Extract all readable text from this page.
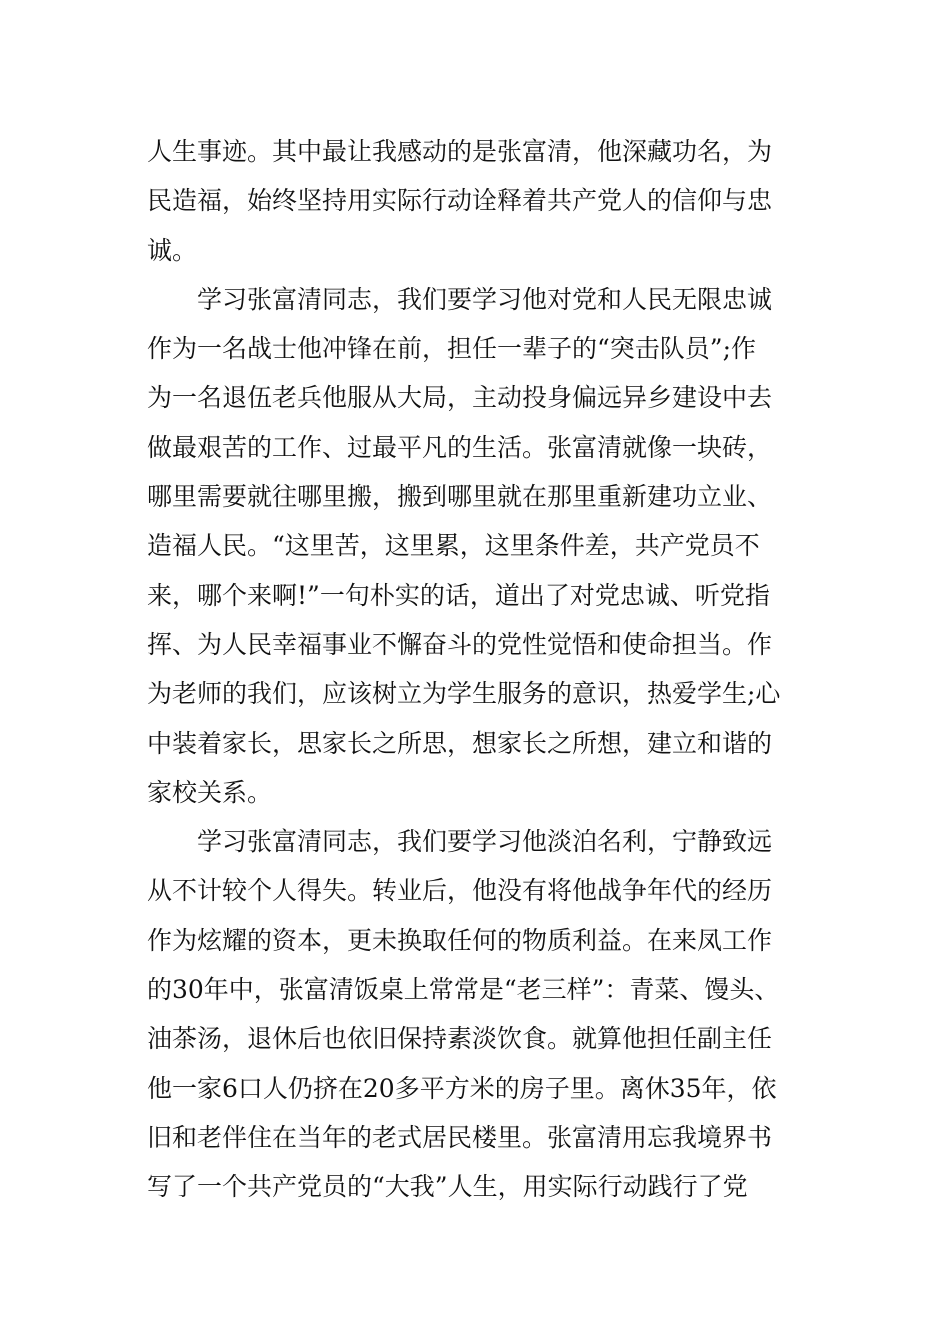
人生事迹。其中最让我感动的是张富清，他深藏功名，为
民造福，始终坚持用实际行动诠释着共产党人的信仰与忠
诚。
学习张富清同志，我们要学习他对党和人民无限忠诚
作为一名战士他冲锋在前，担任一辈子的“突击队员”;作
为一名退伍老兵他服从大局，主动投身偏远异乡建设中去
做最艰苦的工作、过最平凡的生活。张富清就像一块砖，
哪里需要就往哪里搬，搬到哪里就在那里重新建功立业、
造福人民。“这里苦，这里累，这里条件差，共产党员不
来，哪个来啊!”一句朴实的话，道出了对党忠诚、听党指
挥、为人民幸福事业不懈奋斗的党性觉悟和使命担当。作
为老师的我们，应该树立为学生服务的意识，热爱学生;心
中装着家长，思家长之所思，想家长之所想，建立和谐的
家校关系。
学习张富清同志，我们要学习他淡泊名利，宁静致远
从不计较个人得失。转业后，他没有将他战争年代的经历
作为炫耀的资本，更未换取任何的物质利益。在来凤工作
的30年中，张富清饭桌上常常是“老三样”：青菜、馒头、
油茶汤，退休后也依旧保持素淡饮食。就算他担任副主任
他一家6口人仍挤在20多平方米的房子里。离休35年，依
旧和老伴住在当年的老式居民楼里。张富清用忘我境界书
写了一个共产党员的“大我”人生，用实际行动践行了党
